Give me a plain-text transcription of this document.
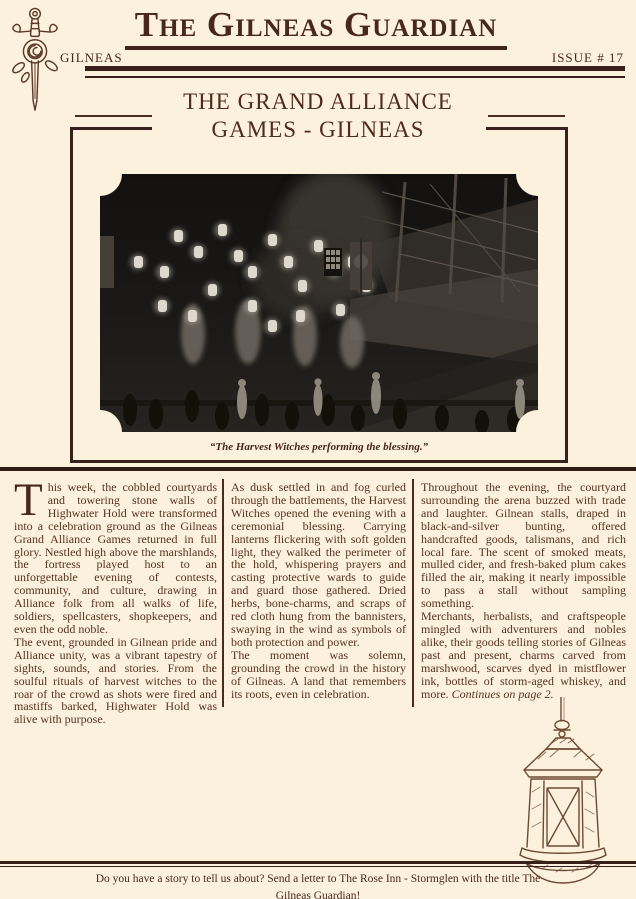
The Gilneas Guardian
GILNEAS	ISSUE # 17
THE GRAND ALLIANCE
GAMES - GILNEAS
“The Harvest Witches performing the blessing.”

This week, the cobbled courtyards and towering stone walls of Highwater Hold were transformed into a celebration ground as the Gilneas Grand Alliance Games returned in full glory. Nestled high above the marshlands, the fortress played host to an unforgettable evening of contests, community, and culture, drawing in Alliance folk from all walks of life, soldiers, spellcasters, shopkeepers, and even the odd noble.

The event, grounded in Gilnean pride and Alliance unity, was a vibrant tapestry of sights, sounds, and stories. From the soulful rituals of harvest witches to the roar of the crowd as shots were fired and mastiffs barked, Highwater Hold was alive with purpose.

As dusk settled in and fog curled through the battlements, the Harvest Witches opened the evening with a ceremonial blessing. Carrying lanterns flickering with soft golden light, they walked the perimeter of the hold, whispering prayers and casting protective wards to guide and guard those gathered. Dried herbs, bone-charms, and scraps of red cloth hung from the bannisters, swaying in the wind as symbols of both protection and power.

The moment was solemn, grounding the crowd in the history of Gilneas. A land that remembers its roots, even in celebration.

Throughout the evening, the courtyard surrounding the arena buzzed with trade and laughter. Gilnean stalls, draped in black-and-silver bunting, offered handcrafted goods, talismans, and rich local fare. The scent of smoked meats, mulled cider, and fresh-baked plum cakes filled the air, making it nearly impossible to pass a stall without sampling something.

Merchants, herbalists, and craftspeople mingled with adventurers and nobles alike, their goods telling stories of Gilneas past and present, charms carved from marshwood, scarves dyed in mistflower ink, bottles of storm-aged whiskey, and more. Continues on page 2.

Do you have a story to tell us about? Send a letter to The Rose Inn - Stormglen with the title The
Gilneas Guardian!
